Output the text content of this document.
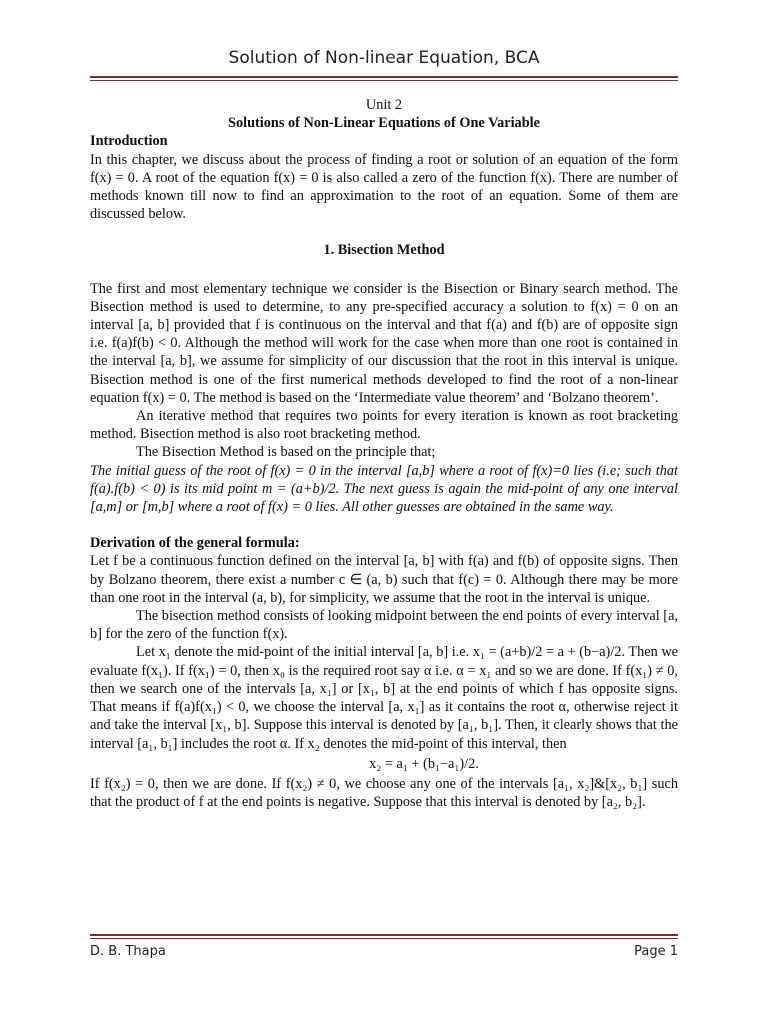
Solution of Non-linear Equation, BCA
Unit 2
Solutions of Non-Linear Equations of One Variable
Introduction

In this chapter, we discuss about the process of finding a root or solution of an equation of the form f(x) = 0. A root of the equation f(x) = 0 is also called a zero of the function f(x). There are number of methods known till now to find an approximation to the root of an equation. Some of them are discussed below.

1. Bisection Method

The first and most elementary technique we consider is the Bisection or Binary search method. The Bisection method is used to determine, to any pre-specified accuracy a solution to f(x) = 0 on an interval [a, b] provided that f is continuous on the interval and that f(a) and f(b) are of opposite sign i.e. f(a)f(b) < 0. Although the method will work for the case when more than one root is contained in the interval [a, b], we assume for simplicity of our discussion that the root in this interval is unique. Bisection method is one of the first numerical methods developed to find the root of a non-linear equation f(x) = 0. The method is based on the ‘Intermediate value theorem’ and ‘Bolzano theorem’.

An iterative method that requires two points for every iteration is known as root bracketing method. Bisection method is also root bracketing method.

The Bisection Method is based on the principle that;

The initial guess of the root of f(x) = 0 in the interval [a,b] where a root of f(x)=0 lies (i.e; such that f(a).f(b) < 0) is its mid point m = (a+b)/2. The next guess is again the mid-point of any one interval [a,m] or [m,b] where a root of f(x) = 0 lies. All other guesses are obtained in the same way.

Derivation of the general formula:

Let f be a continuous function defined on the interval [a, b] with f(a) and f(b) of opposite signs. Then by Bolzano theorem, there exist a number c ∈ (a, b) such that f(c) = 0. Although there may be more than one root in the interval (a, b), for simplicity, we assume that the root in the interval is unique.

The bisection method consists of looking midpoint between the end points of every interval [a, b] for the zero of the function f(x).

Let x₁ denote the mid-point of the initial interval [a, b] i.e. x₁ = (a+b)/2 = a + (b−a)/2. Then we evaluate f(x₁). If f(x₁) = 0, then x₀ is the required root say α i.e. α = x₁ and so we are done. If f(x₁) ≠ 0, then we search one of the intervals [a, x₁] or [x₁, b] at the end points of which f has opposite signs. That means if f(a)f(x₁) < 0, we choose the interval [a, x₁] as it contains the root α, otherwise reject it and take the interval [x₁, b]. Suppose this interval is denoted by [a₁, b₁]. Then, it clearly shows that the interval [a₁, b₁] includes the root α. If x₂ denotes the mid-point of this interval, then

x₂ = a₁ + (b₁−a₁)/2.

If f(x₂) = 0, then we are done. If f(x₂) ≠ 0, we choose any one of the intervals [a₁, x₂]&[x₂, b₁] such that the product of f at the end points is negative. Suppose that this interval is denoted by [a₂, b₂].

D. B. Thapa	Page 1
